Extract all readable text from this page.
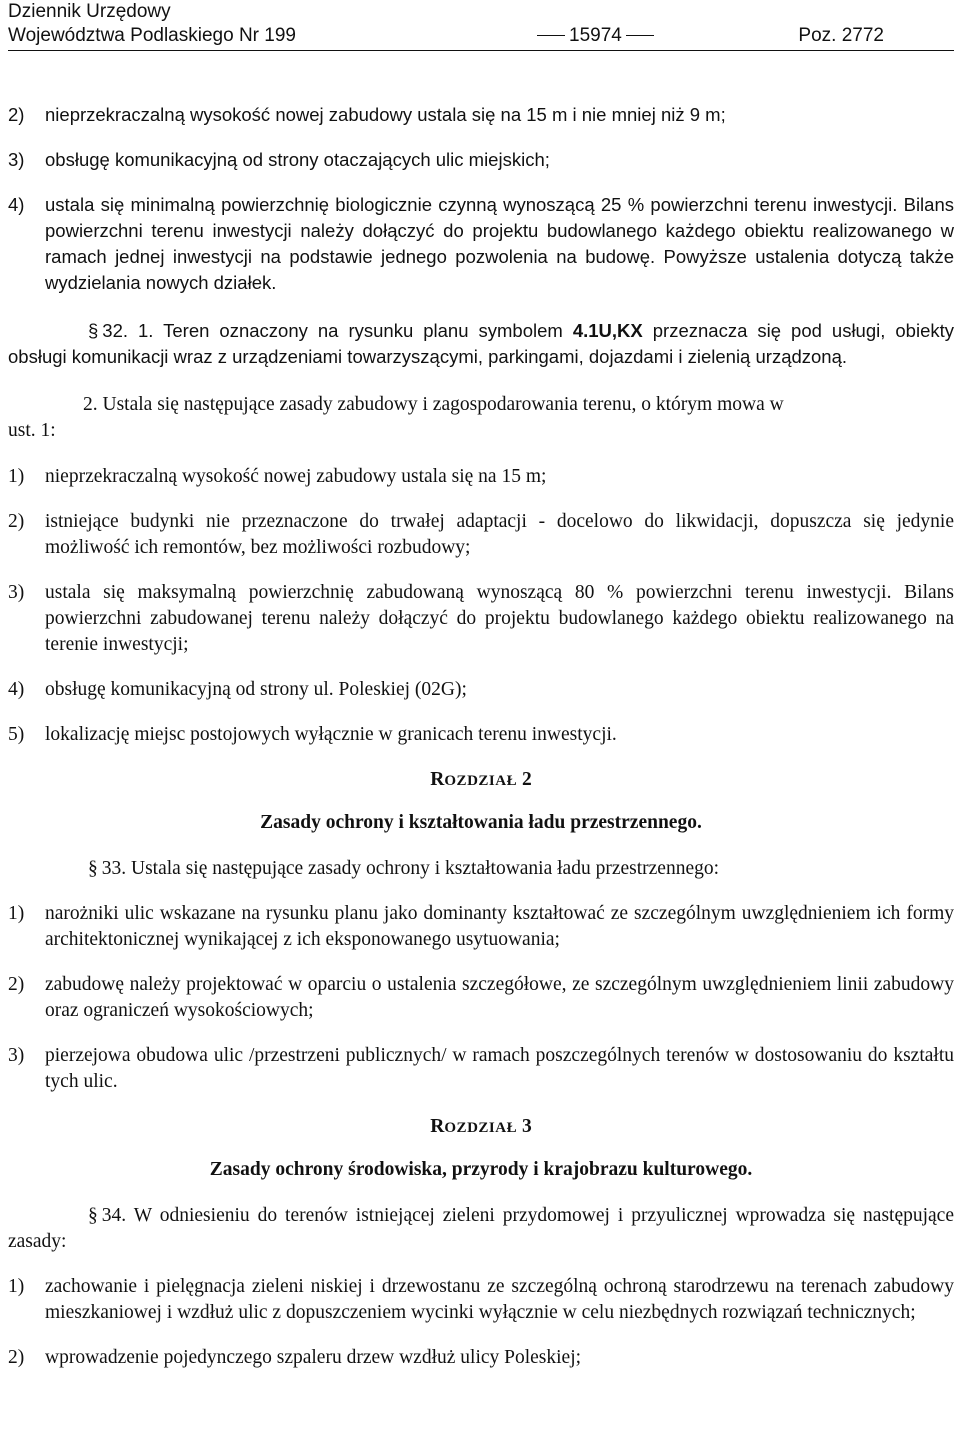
Dziennik Urzędowy
Województwa Podlaskiego Nr 199	15974	Poz. 2772
2) nieprzekraczalną wysokość nowej zabudowy ustala się na 15 m i nie mniej niż 9 m;
3) obsługę komunikacyjną od strony otaczających ulic miejskich;
4) ustala się minimalną powierzchnię biologicznie czynną wynoszącą 25 % powierzchni terenu inwestycji. Bilans powierzchni terenu inwestycji należy dołączyć do projektu budowlanego każdego obiektu realizowanego w ramach jednej inwestycji na podstawie jednego pozwolenia na budowę. Powyższe ustalenia dotyczą także wydzielania nowych działek.
§ 32. 1. Teren oznaczony na rysunku planu symbolem 4.1U,KX przeznacza się pod usługi, obiekty obsługi komunikacji wraz z urządzeniami towarzyszącymi, parkingami, dojazdami i zielenią urządzoną.
2. Ustala się następujące zasady zabudowy i zagospodarowania terenu, o którym mowa w
ust. 1:
1) nieprzekraczalną wysokość nowej zabudowy ustala się na 15 m;
2) istniejące budynki nie przeznaczone do trwałej adaptacji - docelowo do likwidacji, dopuszcza się jedynie możliwość ich remontów, bez możliwości rozbudowy;
3) ustala się maksymalną powierzchnię zabudowaną wynoszącą 80 % powierzchni terenu inwestycji. Bilans powierzchni zabudowanej terenu należy dołączyć do projektu budowlanego każdego obiektu realizowanego na terenie inwestycji;
4) obsługę komunikacyjną od strony ul. Poleskiej (02G);
5) lokalizację miejsc postojowych wyłącznie w granicach terenu inwestycji.
ROZDZIAŁ 2
Zasady ochrony i kształtowania ładu przestrzennego.
§ 33. Ustala się następujące zasady ochrony i kształtowania ładu przestrzennego:
1) narożniki ulic wskazane na rysunku planu jako dominanty kształtować ze szczególnym uwzględnieniem ich formy architektonicznej wynikającej z ich eksponowanego usytuowania;
2) zabudowę należy projektować w oparciu o ustalenia szczegółowe, ze szczególnym uwzględnieniem linii zabudowy oraz ograniczeń wysokościowych;
3) pierzejowa obudowa ulic /przestrzeni publicznych/ w ramach poszczególnych terenów w dostosowaniu do kształtu tych ulic.
ROZDZIAŁ 3
Zasady ochrony środowiska, przyrody i krajobrazu kulturowego.
§ 34. W odniesieniu do terenów istniejącej zieleni przydomowej i przyulicznej wprowadza się następujące zasady:
1) zachowanie i pielęgnacja zieleni niskiej i drzewostanu ze szczególną ochroną starodrzewu na terenach zabudowy mieszkaniowej i wzdłuż ulic z dopuszczeniem wycinki wyłącznie w celu niezbędnych rozwiązań technicznych;
2) wprowadzenie pojedynczego szpaleru drzew wzdłuż ulicy Poleskiej;
